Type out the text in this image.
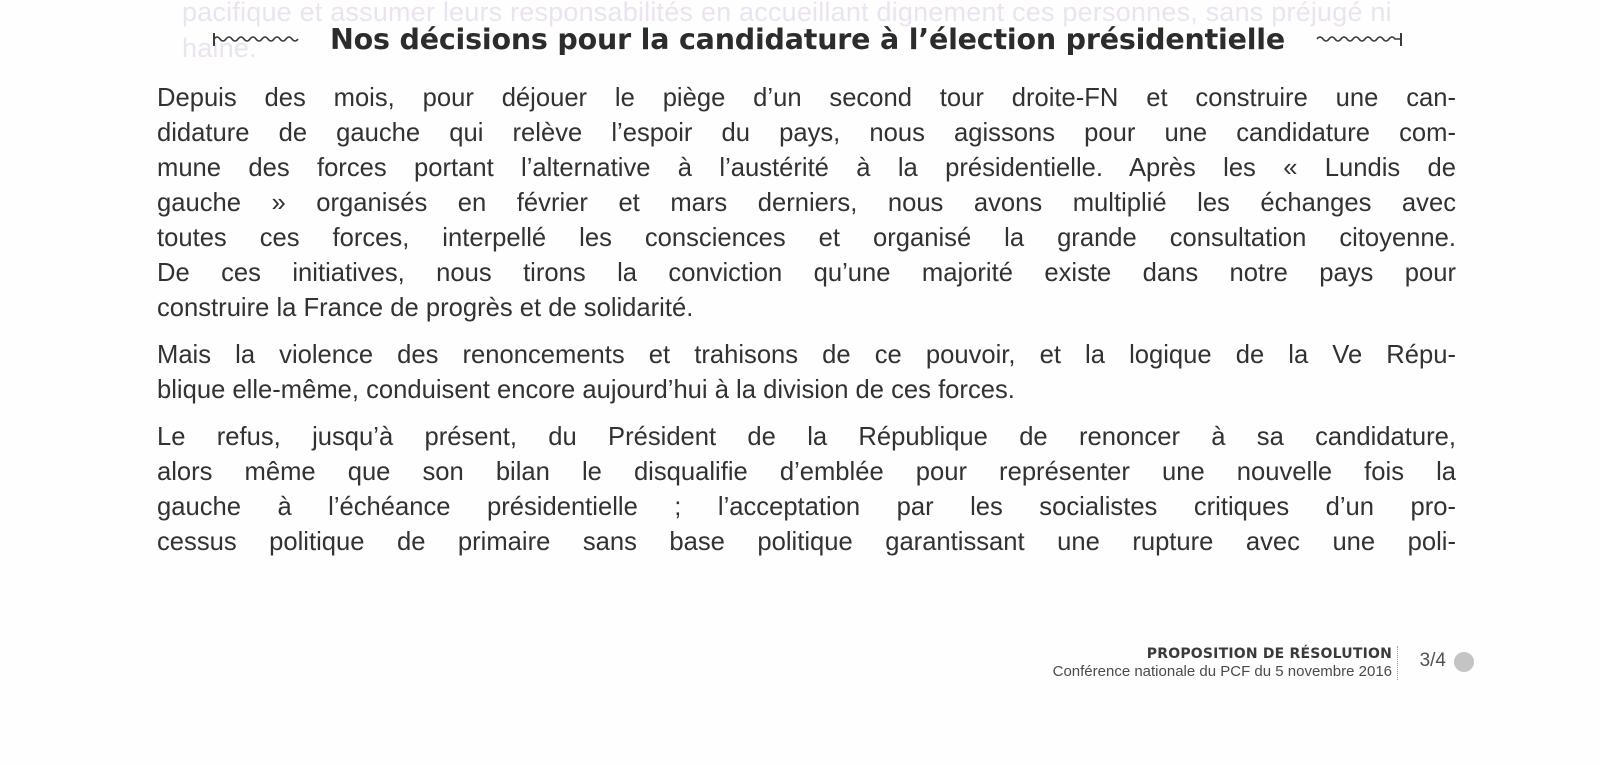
pacifique et assumer leurs responsabilités en accueillant dignement ces personnes, sans préjugé ni
haine.	Nos décisions pour la candidature à l’élection présidentielle
Depuis des mois, pour déjouer le piège d’un second tour droite-FN et construire une can-
didature de gauche qui relève l’espoir du pays, nous agissons pour une candidature com-
mune des forces portant l’alternative à l’austérité à la présidentielle. Après les « Lundis de
gauche » organisés en février et mars derniers, nous avons multiplié les échanges avec
toutes ces forces, interpellé les consciences et organisé la grande consultation citoyenne.
De ces initiatives, nous tirons la conviction qu’une majorité existe dans notre pays pour
construire la France de progrès et de solidarité.
Mais la violence des renoncements et trahisons de ce pouvoir, et la logique de la Ve Répu-
blique elle-même, conduisent encore aujourd’hui à la division de ces forces.
Le refus, jusqu’à présent, du Président de la République de renoncer à sa candidature,
alors même que son bilan le disqualifie d’emblée pour représenter une nouvelle fois la
gauche à l’échéance présidentielle ; l’acceptation par les socialistes critiques d’un pro-
cessus politique de primaire sans base politique garantissant une rupture avec une poli-
PROPOSITION DE RÉSOLUTION
Conférence nationale du PCF du 5 novembre 2016
3/4
